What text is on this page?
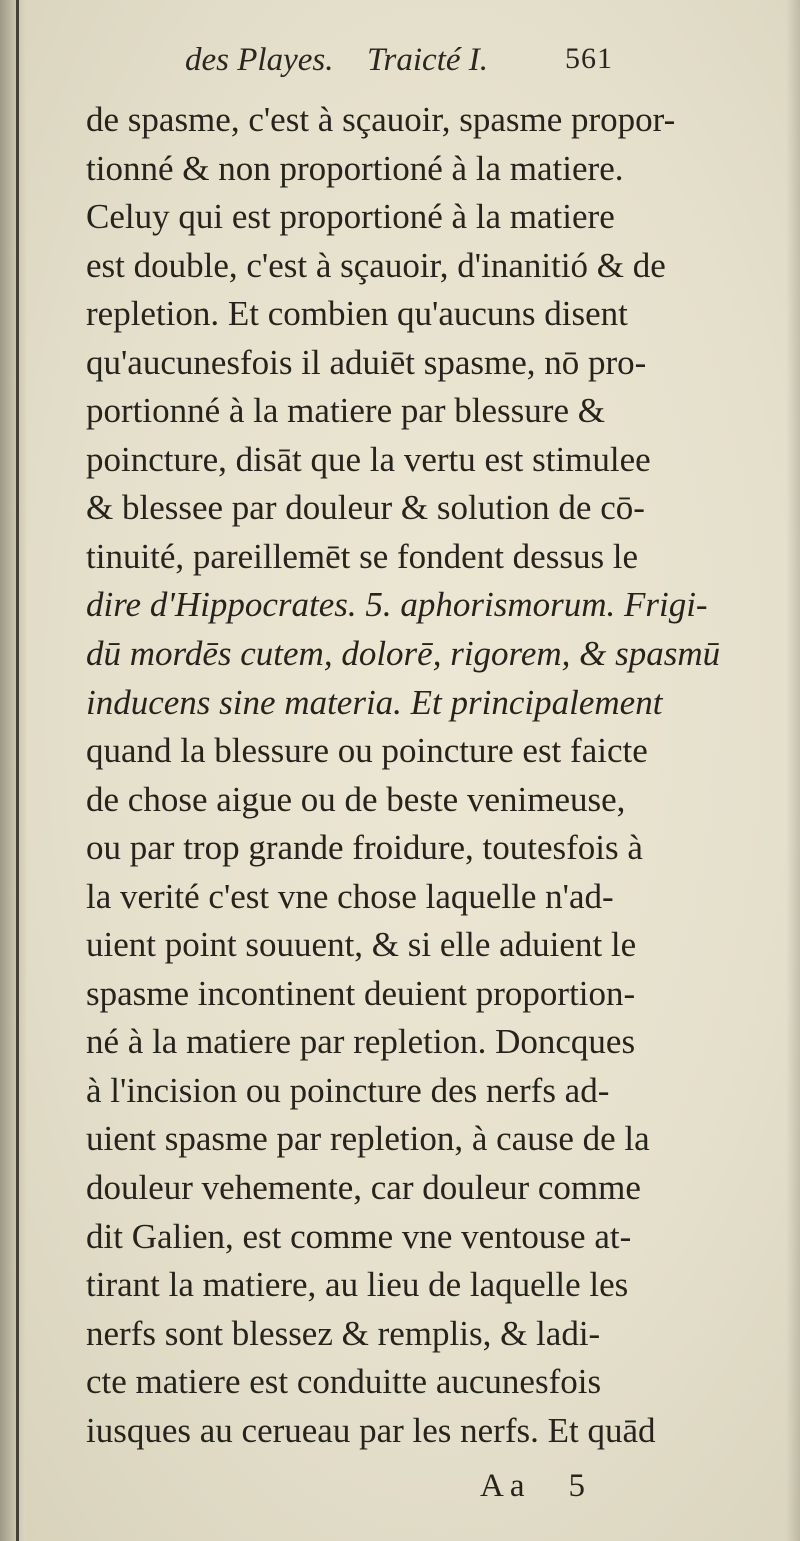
des Playes. Traicté I.	561
de spasme, c'est à sçauoir, spasme propor-
tionné & non proportioné à la matiere.
Celuy qui est proportioné à la matiere
est double, c'est à sçauoir, d'inanitió & de
repletion. Et combien qu'aucuns disent
qu'aucunesfois il aduiēt spasme, nō pro-
portionné à la matiere par blessure &
poincture, disāt que la vertu est stimulee
& blessee par douleur & solution de cō-
tinuité, pareillemēt se fondent dessus le
dire d'Hippocrates. 5. aphorismorum. Frigi-
dū mordēs cutem, dolorē, rigorem, & spasmū
inducens sine materia. Et principalement
quand la blessure ou poincture est faicte
de chose aigue ou de beste venimeuse,
ou par trop grande froidure, toutesfois à
la verité c'est vne chose laquelle n'ad-
uient point souuent, & si elle aduient le
spasme incontinent deuient proportion-
né à la matiere par repletion. Doncques
à l'incision ou poincture des nerfs ad-
uient spasme par repletion, à cause de la
douleur vehemente, car douleur comme
dit Galien, est comme vne ventouse at-
tirant la matiere, au lieu de laquelle les
nerfs sont blessez & remplis, & ladi-
cte matiere est conduitte aucunesfois
iusques au cerueau par les nerfs. Et quād
Aa 5
